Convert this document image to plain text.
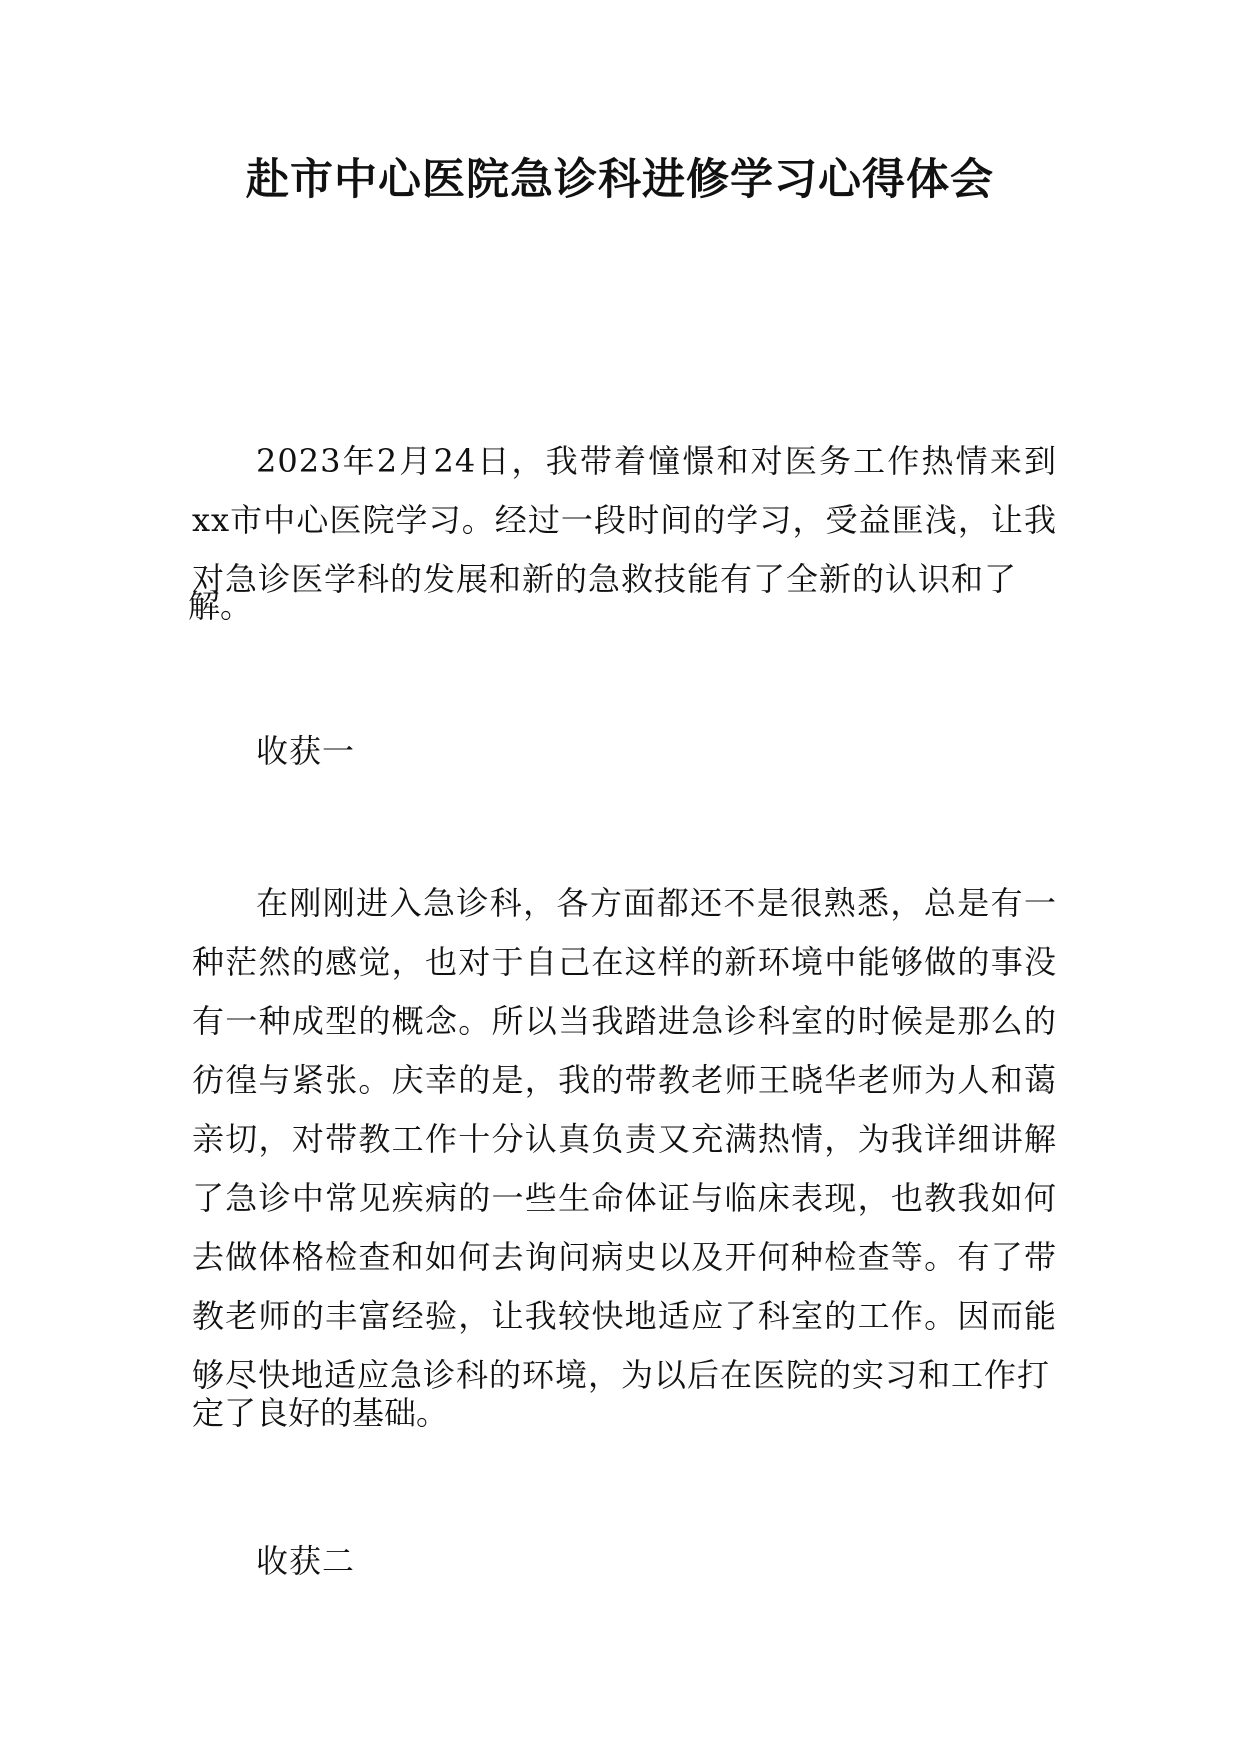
赴市中心医院急诊科进修学习心得体会

2023年2月24日，我带着憧憬和对医务工作热情来到 xx市中心医院学习。经过一段时间的学习，受益匪浅，让我 对急诊医学科的发展和新的急救技能有了全新的认识和了

解。

收获一

在刚刚进入急诊科，各方面都还不是很熟悉，总是有一种茫然的感觉，也对于自己在这样的新环境中能够做的事没有一种成型的概念。所以当我踏进急诊科室的时候是那么的彷徨与紧张。庆幸的是，我的带教老师王晓华老师为人和蔼亲切，对带教工作十分认真负责又充满热情，为我详细讲解了急诊中常见疾病的一些生命体证与临床表现，也教我如何去做体格检查和如何去询问病史以及开何种检查等。有了带教老师的丰富经验，让我较快地适应了科室的工作。因而能够尽快地适应急诊科的环境，为以后在医院的实习和工作打

定了良好的基础。

收获二
